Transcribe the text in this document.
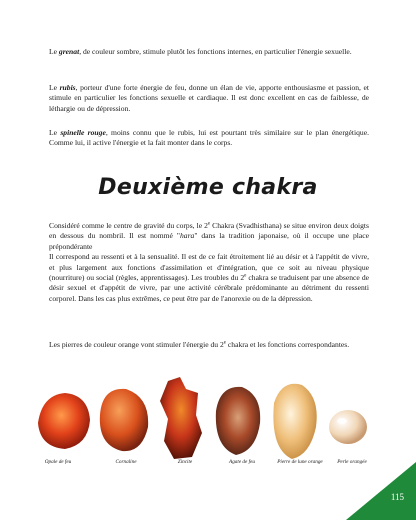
Le grenat, de couleur sombre, stimule plutôt les fonctions internes, en particulier l'énergie sexuelle.

Le rubis, porteur d'une forte énergie de feu, donne un élan de vie, apporte enthousiasme et passion, et stimule en particulier les fonctions sexuelle et cardiaque. Il est donc excellent en cas de faiblesse, de léthargie ou de dépression.

Le spinelle rouge, moins connu que le rubis, lui est pourtant très similaire sur le plan énergétique. Comme lui, il active l'énergie et la fait monter dans le corps.

Deuxième chakra

Considéré comme le centre de gravité du corps, le 2e Chakra (Svadhisthana) se situe environ deux doigts en dessous du nombril. Il est nommé "hara" dans la tradition japonaise, où il occupe une place prépondérante
Il correspond au ressenti et à la sensualité. Il est de ce fait étroitement lié au désir et à l'appétit de vivre, et plus largement aux fonctions d'assimilation et d'intégration, que ce soit au niveau physique (nourriture) ou social (règles, apprentissages). Les troubles du 2e chakra se traduisent par une absence de désir sexuel et d'appétit de vivre, par une activité cérébrale prédominante au détriment du ressenti corporel. Dans les cas plus extrêmes, ce peut être par de l'anorexie ou de la dépression.

Les pierres de couleur orange vont stimuler l'énergie du 2e chakra et les fonctions correspondantes.

Opale de feu	Cornaline	Zincite	Agate de feu	Pierre de lune orange	Perle orangée
115
